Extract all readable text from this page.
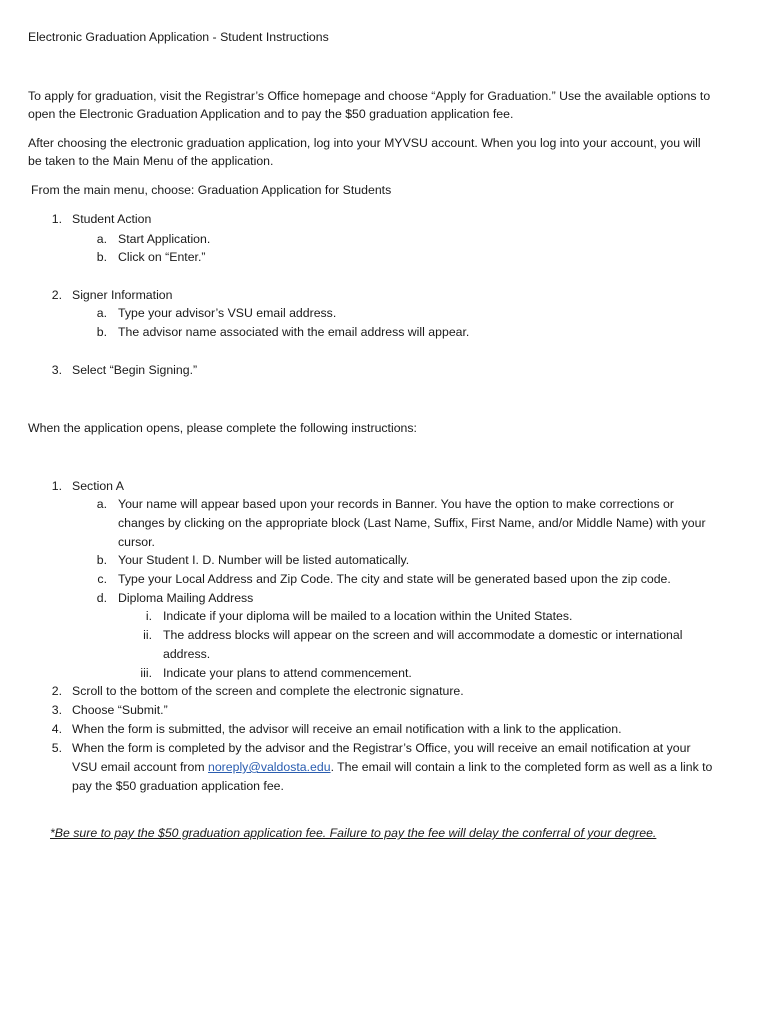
Electronic Graduation Application - Student Instructions
To apply for graduation, visit the Registrar’s Office homepage and choose “Apply for Graduation.” Use the available options to
open the Electronic Graduation Application and to pay the $50 graduation application fee.
After choosing the electronic graduation application, log into your MYVSU account. When you log into your account, you will
be taken to the Main Menu of the application.
From the main menu, choose: Graduation Application for Students
1. Student Action
a. Start Application.
b. Click on “Enter.”
2. Signer Information
a. Type your advisor’s VSU email address.
b. The advisor name associated with the email address will appear.
3. Select “Begin Signing.”
When the application opens, please complete the following instructions:
1. Section A
a. Your name will appear based upon your records in Banner. You have the option to make corrections or
changes by clicking on the appropriate block (Last Name, Suffix, First Name, and/or Middle Name) with your
cursor.
b. Your Student I. D. Number will be listed automatically.
c. Type your Local Address and Zip Code. The city and state will be generated based upon the zip code.
d. Diploma Mailing Address
i. Indicate if your diploma will be mailed to a location within the United States.
ii. The address blocks will appear on the screen and will accommodate a domestic or international
address.
iii. Indicate your plans to attend commencement.
2. Scroll to the bottom of the screen and complete the electronic signature.
3. Choose “Submit.”
4. When the form is submitted, the advisor will receive an email notification with a link to the application.
5. When the form is completed by the advisor and the Registrar’s Office, you will receive an email notification at your
VSU email account from noreply@valdosta.edu. The email will contain a link to the completed form as well as a link to
pay the $50 graduation application fee.
*Be sure to pay the $50 graduation application fee. Failure to pay the fee will delay the conferral of your degree.
